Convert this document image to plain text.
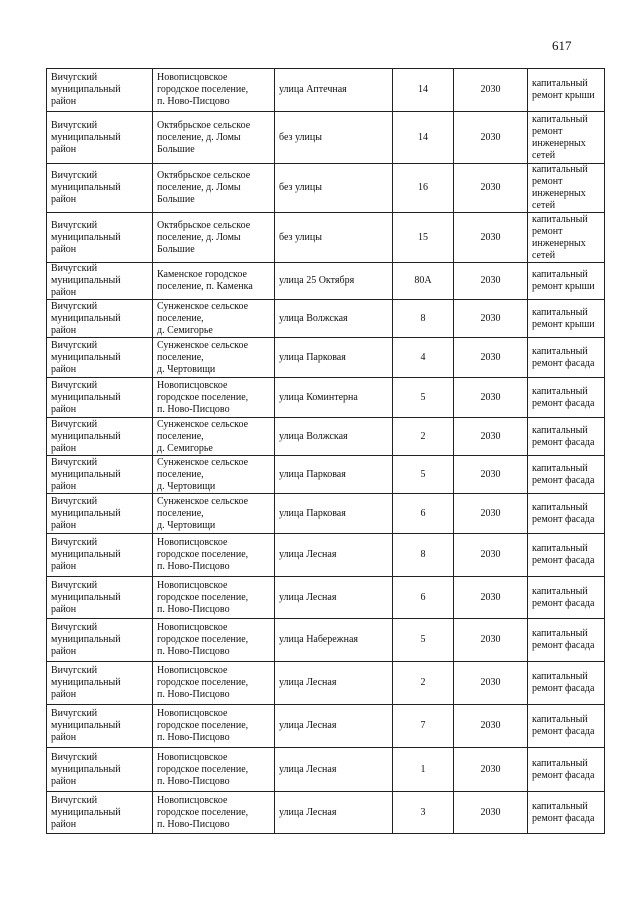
617
Вичугский
муниципальный
район	Новописцовское
городское поселение,
п. Ново-Писцово	улица Аптечная	14	2030	капитальный
ремонт крыши
Вичугский
муниципальный
район	Октябрьское сельское
поселение, д. Ломы
Большие	без улицы	14	2030	капитальный
ремонт
инженерных
сетей
Вичугский
муниципальный
район	Октябрьское сельское
поселение, д. Ломы
Большие	без улицы	16	2030	капитальный
ремонт
инженерных
сетей
Вичугский
муниципальный
район	Октябрьское сельское
поселение, д. Ломы
Большие	без улицы	15	2030	капитальный
ремонт
инженерных
сетей
Вичугский
муниципальный
район	Каменское городское
поселение, п. Каменка	улица 25 Октября	80А	2030	капитальный
ремонт крыши
Вичугский
муниципальный
район	Сунженское сельское
поселение,
д. Семигорье	улица Волжская	8	2030	капитальный
ремонт крыши
Вичугский
муниципальный
район	Сунженское сельское
поселение,
д. Чертовищи	улица Парковая	4	2030	капитальный
ремонт фасада
Вичугский
муниципальный
район	Новописцовское
городское поселение,
п. Ново-Писцово	улица Коминтерна	5	2030	капитальный
ремонт фасада
Вичугский
муниципальный
район	Сунженское сельское
поселение,
д. Семигорье	улица Волжская	2	2030	капитальный
ремонт фасада
Вичугский
муниципальный
район	Сунженское сельское
поселение,
д. Чертовищи	улица Парковая	5	2030	капитальный
ремонт фасада
Вичугский
муниципальный
район	Сунженское сельское
поселение,
д. Чертовищи	улица Парковая	6	2030	капитальный
ремонт фасада
Вичугский
муниципальный
район	Новописцовское
городское поселение,
п. Ново-Писцово	улица Лесная	8	2030	капитальный
ремонт фасада
Вичугский
муниципальный
район	Новописцовское
городское поселение,
п. Ново-Писцово	улица Лесная	6	2030	капитальный
ремонт фасада
Вичугский
муниципальный
район	Новописцовское
городское поселение,
п. Ново-Писцово	улица Набережная	5	2030	капитальный
ремонт фасада
Вичугский
муниципальный
район	Новописцовское
городское поселение,
п. Ново-Писцово	улица Лесная	2	2030	капитальный
ремонт фасада
Вичугский
муниципальный
район	Новописцовское
городское поселение,
п. Ново-Писцово	улица Лесная	7	2030	капитальный
ремонт фасада
Вичугский
муниципальный
район	Новописцовское
городское поселение,
п. Ново-Писцово	улица Лесная	1	2030	капитальный
ремонт фасада
Вичугский
муниципальный
район	Новописцовское
городское поселение,
п. Ново-Писцово	улица Лесная	3	2030	капитальный
ремонт фасада
